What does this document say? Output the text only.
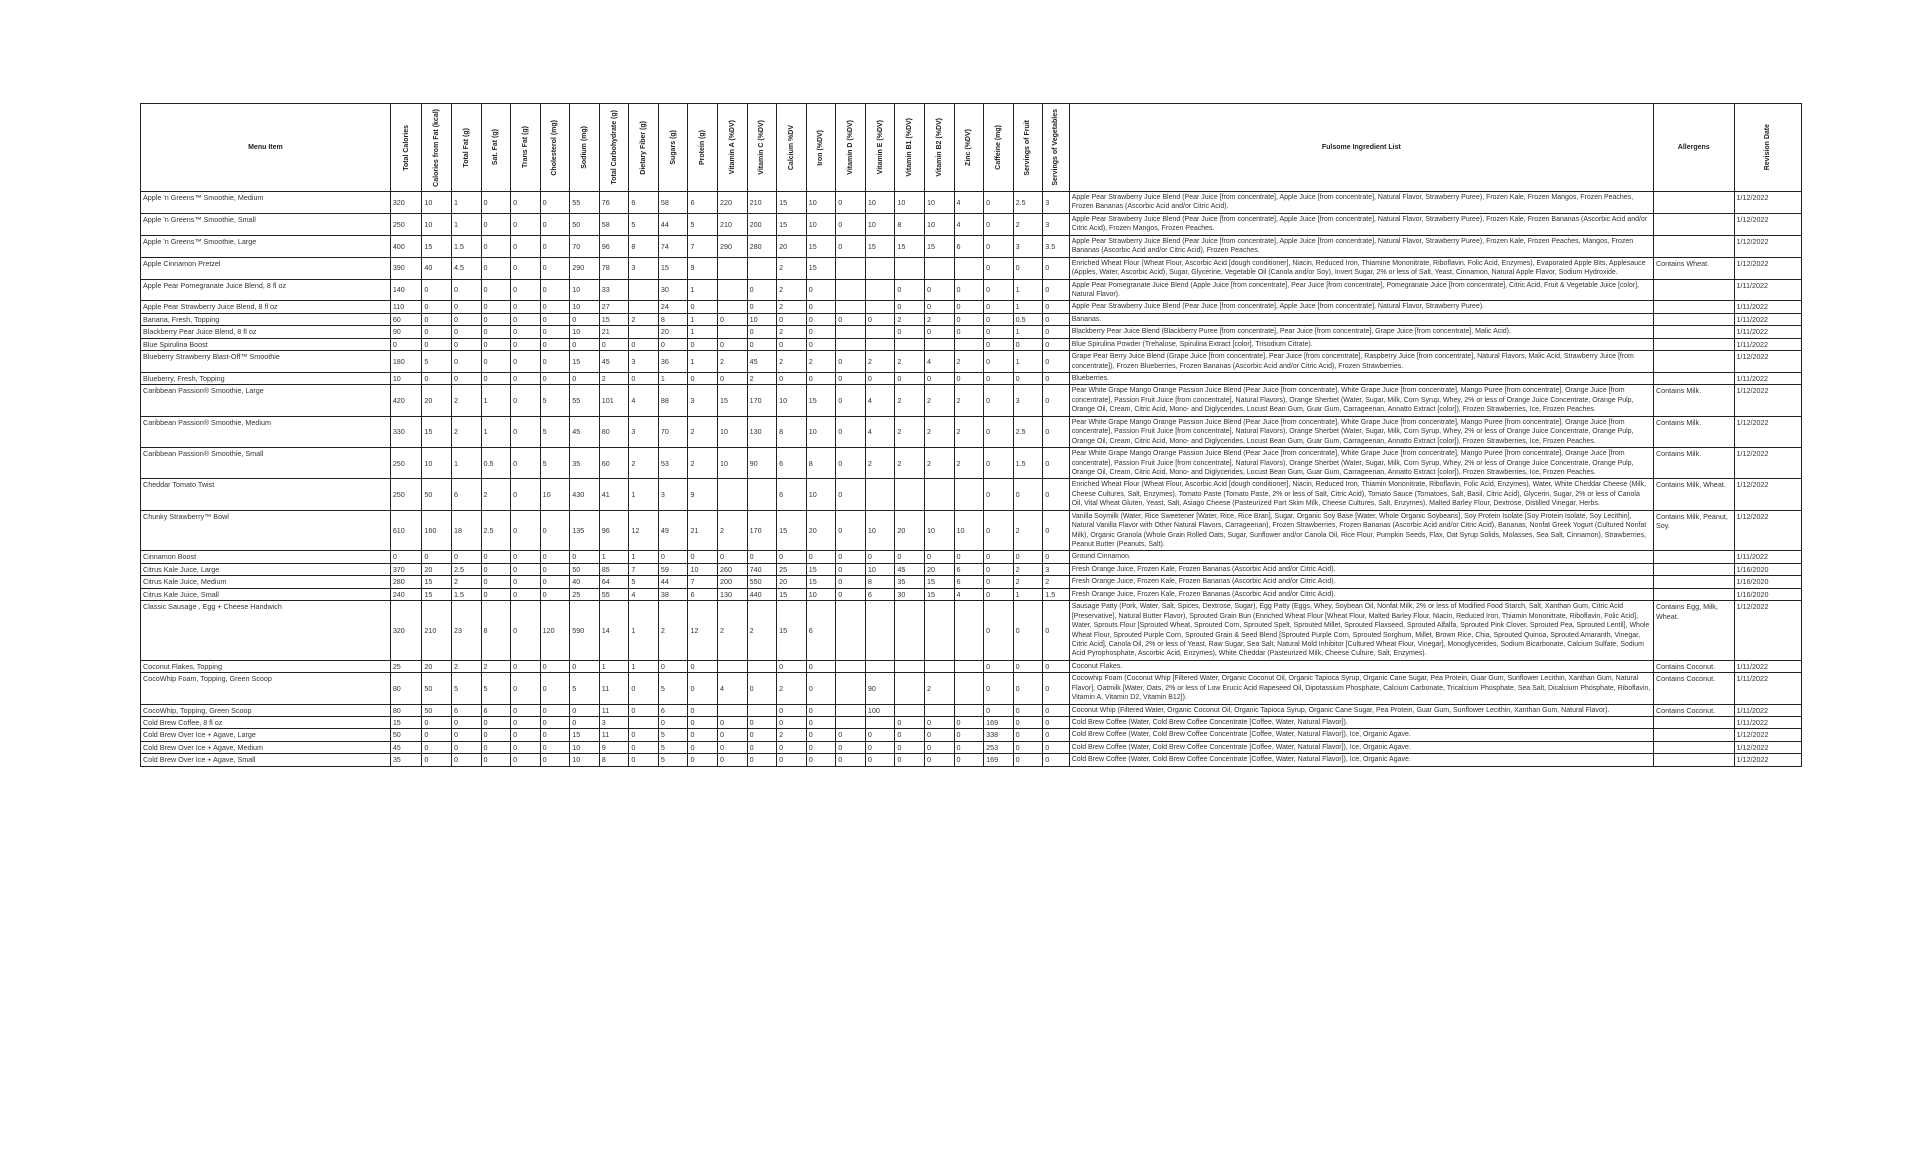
Menu Item	Total Calories	Calories from Fat (kcal)	Total Fat (g)	Sat. Fat (g)	Trans Fat (g)	Cholesterol (mg)	Sodium (mg)	Total Carbohydrate (g)	Dietary Fiber (g)	Sugars (g)	Protein (g)	Vitamin A (%DV)	Vitamin C (%DV)	Calcium %DV	Iron (%DV)	Vitamin D (%DV)	Vitamin E (%DV)	Vitamin B1 (%DV)	Vitamin B2 (%DV)	Zinc (%DV)	Caffeine (mg)	Servings of Fruit	Servings of Vegetables	Fulsome Ingredient List	Allergens	Revision Date

Apple 'n Greens™ Smoothie, Medium	320	10	1	0	0	0	55	76	6	58	6	220	210	15	10	0	10	10	10	4	0	2.5	3	Apple Pear Strawberry Juice Blend (Pear Juice [from concentrate], Apple Juice [from concentrate], Natural Flavor, Strawberry Puree), Frozen Kale, Frozen Mangos, Frozen Peaches, Frozen Bananas (Ascorbic Acid and/or Citric Acid).		1/12/2022
Apple 'n Greens™ Smoothie, Small	250	10	1	0	0	0	50	58	5	44	5	210	200	15	10	0	10	8	10	4	0	2	3	Apple Pear Strawberry Juice Blend (Pear Juice [from concentrate], Apple Juice [from concentrate], Natural Flavor, Strawberry Puree), Frozen Kale, Frozen Bananas (Ascorbic Acid and/or Citric Acid), Frozen Mangos, Frozen Peaches.		1/12/2022
Apple 'n Greens™ Smoothie, Large	400	15	1.5	0	0	0	70	96	8	74	7	290	280	20	15	0	15	15	15	6	0	3	3.5	Apple Pear Strawberry Juice Blend (Pear Juice [from concentrate], Apple Juice [from concentrate], Natural Flavor, Strawberry Puree), Frozen Kale, Frozen Peaches, Mangos, Frozen Bananas (Ascorbic Acid and/or Citric Acid), Frozen Peaches.		1/12/2022
Apple Cinnamon Pretzel	390	40	4.5	0	0	0	290	78	3	15	9			2	15						0	0	0	Enriched Wheat Flour (Wheat Flour, Ascorbic Acid [dough conditioner], Niacin, Reduced Iron, Thiamine Mononitrate, Riboflavin, Folic Acid, Enzymes), Evaporated Apple Bits, Applesauce (Apples, Water, Ascorbic Acid), Sugar, Glycerine, Vegetable Oil (Canola and/or Soy), Invert Sugar, 2% or less of Salt, Yeast, Cinnamon, Natural Apple Flavor, Sodium Hydroxide.	Contains Wheat.	1/12/2022
Apple Pear Pomegranate Juice Blend, 8 fl oz	140	0	0	0	0	0	10	33		30	1		0	2	0			0	0	0	0	1	0	Apple Pear Pomegranate Juice Blend (Apple Juice [from concentrate], Pear Juice [from concentrate], Pomegranate Juice [from concentrate], Citric Acid, Fruit & Vegetable Juice [color], Natural Flavor).		1/11/2022
Apple Pear Strawberry Juice Blend, 8 fl oz	110	0	0	0	0	0	10	27		24	0		0	2	0			0	0	0	0	1	0	Apple Pear Strawberry Juice Blend (Pear Juice [from concentrate], Apple Juice [from concentrate], Natural Flavor, Strawberry Puree).		1/11/2022
Banana, Fresh, Topping	60	0	0	0	0	0	0	15	2	8	1	0	10	0	0	0	0	2	2	0	0	0.5	0	Bananas.		1/11/2022
Blackberry Pear Juice Blend, 8 fl oz	90	0	0	0	0	0	10	21		20	1		0	2	0			0	0	0	0	1	0	Blackberry Pear Juice Blend (Blackberry Puree [from concentrate], Pear Juice [from concentrate], Grape Juice [from concentrate], Malic Acid).		1/11/2022
Blue Spirulina Boost	0	0	0	0	0	0	0	0	0	0	0	0	0	0	0						0	0	0	Blue Spirulina Powder (Trehalose, Spirulina Extract [color], Trisodium Citrate).		1/11/2022
Blueberry Strawberry Blast-Off™ Smoothie	180	5	0	0	0	0	15	45	3	36	1	2	45	2	2	0	2	2	4	2	0	1	0	Grape Pear Berry Juice Blend (Grape Juice [from concentrate], Pear Juice [from concentrate], Raspberry Juice [from concentrate], Natural Flavors, Malic Acid, Strawberry Juice [from concentrate]), Frozen Blueberries, Frozen Bananas (Ascorbic Acid and/or Citric Acid), Frozen Strawberries.		1/12/2022
Blueberry, Fresh, Topping	10	0	0	0	0	0	0	2	0	1	0	0	2	0	0	0	0	0	0	0	0	0	0	Blueberries.		1/11/2022
Caribbean Passion® Smoothie, Large	420	20	2	1	0	5	55	101	4	88	3	15	170	10	15	0	4	2	2	2	0	3	0	Pear White Grape Mango Orange Passion Juice Blend (Pear Juice [from concentrate], White Grape Juice [from concentrate], Mango Puree [from concentrate], Orange Juice [from concentrate], Passion Fruit Juice [from concentrate], Natural Flavors), Orange Sherbet (Water, Sugar, Milk, Corn Syrup, Whey, 2% or less of Orange Juice Concentrate, Orange Pulp, Orange Oil, Cream, Citric Acid, Mono- and Diglycerides, Locust Bean Gum, Guar Gum, Carrageenan, Annatto Extract [color]), Frozen Strawberries, Ice, Frozen Peaches.	Contains Milk.	1/12/2022
Caribbean Passion® Smoothie, Medium	330	15	2	1	0	5	45	80	3	70	2	10	130	8	10	0	4	2	2	2	0	2.5	0	Pear White Grape Mango Orange Passion Juice Blend (Pear Juice [from concentrate], White Grape Juice [from concentrate], Mango Puree [from concentrate], Orange Juice [from concentrate], Passion Fruit Juice [from concentrate], Natural Flavors), Orange Sherbet (Water, Sugar, Milk, Corn Syrup, Whey, 2% or less of Orange Juice Concentrate, Orange Pulp, Orange Oil, Cream, Citric Acid, Mono- and Diglycerides, Locust Bean Gum, Guar Gum, Carrageenan, Annatto Extract [color]), Frozen Strawberries, Ice, Frozen Peaches.	Contains Milk.	1/12/2022
Caribbean Passion® Smoothie, Small	250	10	1	0.5	0	5	35	60	2	53	2	10	90	6	8	0	2	2	2	2	0	1.5	0	Pear White Grape Mango Orange Passion Juice Blend (Pear Juice [from concentrate], White Grape Juice [from concentrate], Mango Puree [from concentrate], Orange Juice [from concentrate], Passion Fruit Juice [from concentrate], Natural Flavors), Orange Sherbet (Water, Sugar, Milk, Corn Syrup, Whey, 2% or less of Orange Juice Concentrate, Orange Pulp, Orange Oil, Cream, Citric Acid, Mono- and Diglycerides, Locust Bean Gum, Guar Gum, Carrageenan, Annatto Extract [color]), Frozen Strawberries, Ice, Frozen Peaches.	Contains Milk.	1/12/2022
Cheddar Tomato Twist	250	50	6	2	0	10	430	41	1	3	9			6	10	0					0	0	0	Enriched Wheat Flour (Wheat Flour, Ascorbic Acid [dough conditioner], Niacin, Reduced Iron, Thiamin Mononitrate, Riboflavin, Folic Acid, Enzymes), Water, White Cheddar Cheese (Milk, Cheese Cultures, Salt, Enzymes), Tomato Paste (Tomato Paste, 2% or less of Salt, Citric Acid), Tomato Sauce (Tomatoes, Salt, Basil, Citric Acid), Glycerin, Sugar, 2% or less of Canola Oil, Vital Wheat Gluten, Yeast, Salt, Asiago Cheese (Pasteurized Part Skim Milk, Cheese Cultures, Salt, Enzymes), Malted Barley Flour, Dextrose, Distilled Vinegar, Herbs.	Contains Milk, Wheat.	1/12/2022
Chunky Strawberry™ Bowl	610	160	18	2.5	0	0	135	96	12	49	21	2	170	15	20	0	10	20	10	10	0	2	0	Vanilla Soymilk (Water, Rice Sweetener [Water, Rice, Rice Bran], Sugar, Organic Soy Base [Water, Whole Organic Soybeans], Soy Protein Isolate [Soy Protein Isolate, Soy Lecithin], Natural Vanilla Flavor with Other Natural Flavors, Carrageenan), Frozen Strawberries, Frozen Bananas (Ascorbic Acid and/or Citric Acid), Bananas, Nonfat Greek Yogurt (Cultured Nonfat Milk), Organic Granola (Whole Grain Rolled Oats, Sugar, Sunflower and/or Canola Oil, Rice Flour, Pumpkin Seeds, Flax, Oat Syrup Solids, Molasses, Sea Salt, Cinnamon), Strawberries, Peanut Butter (Peanuts, Salt).	Contains Milk, Peanut, Soy.	1/12/2022
Cinnamon Boost	0	0	0	0	0	0	0	1	1	0	0	0	0	0	0	0	0	0	0	0	0	0	0	Ground Cinnamon.		1/11/2022
Citrus Kale Juice, Large	370	20	2.5	0	0	0	50	85	7	59	10	260	740	25	15	0	10	45	20	6	0	2	3	Fresh Orange Juice, Frozen Kale, Frozen Bananas (Ascorbic Acid and/or Citric Acid).		1/16/2020
Citrus Kale Juice, Medium	280	15	2	0	0	0	40	64	5	44	7	200	550	20	15	0	8	35	15	6	0	2	2	Fresh Orange Juice, Frozen Kale, Frozen Bananas (Ascorbic Acid and/or Citric Acid).		1/16/2020
Citrus Kale Juice, Small	240	15	1.5	0	0	0	25	55	4	38	6	130	440	15	10	0	6	30	15	4	0	1	1.5	Fresh Orange Juice, Frozen Kale, Frozen Bananas (Ascorbic Acid and/or Citric Acid).		1/16/2020
Classic Sausage , Egg + Cheese Handwich	320	210	23	8	0	120	590	14	1	2	12	2	2	15	6						0	0	0	Sausage Patty (Pork, Water, Salt, Spices, Dextrose, Sugar), Egg Patty (Eggs, Whey, Soybean Oil, Nonfat Milk, 2% or less of Modified Food Starch, Salt, Xanthan Gum, Citric Acid [Preservative], Natural Butter Flavor), Sprouted Grain Bun (Enriched Wheat Flour [Wheat Flour, Malted Barley Flour, Niacin, Reduced Iron, Thiamin Mononitrate, Riboflavin, Folic Acid], Water, Sprouts Flour [Sprouted Wheat, Sprouted Corn, Sprouted Spelt, Sprouted Millet, Sprouted Flaxseed, Sprouted Alfalfa, Sprouted Pink Clover, Sprouted Pea, Sprouted Lentil], Whole Wheat Flour, Sprouted Purple Corn, Sprouted Grain & Seed Blend [Sprouted Purple Corn, Sprouted Sorghum, Millet, Brown Rice, Chia, Sprouted Quinoa, Sprouted Amaranth, Vinegar, Citric Acid], Canola Oil, 2% or less of Yeast, Raw Sugar, Sea Salt, Natural Mold Inhibitor [Cultured Wheat Flour, Vinegar], Monoglycerides, Sodium Bicarbonate, Calcium Sulfate, Sodium Acid Pyrophosphate, Ascorbic Acid, Enzymes), White Cheddar (Pasteurized Milk, Cheese Culture, Salt, Enzymes).	Contains Egg, Milk, Wheat.	1/12/2022
Coconut Flakes, Topping	25	20	2	2	0	0	0	1	1	0	0			0	0						0	0	0	Coconut Flakes.	Contains Coconut.	1/11/2022
CocoWhip Foam, Topping, Green Scoop	80	50	5	5	0	0	5	11	0	5	0	4	0	2	0		90		2		0	0	0	Cocowhip Foam (Coconut Whip [Filtered Water, Organic Coconut Oil, Organic Tapioca Syrup, Organic Cane Sugar, Pea Protein, Guar Gum, Sunflower Lecithin, Xanthan Gum, Natural Flavor], Oatmilk [Water, Oats, 2% or less of Low Erucic Acid Rapeseed Oil, Dipotassium Phosphate, Calcium Carbonate, Tricalcium Phosphate, Sea Salt, Dicalcium Phosphate, Riboflavin, Vitamin A, Vitamin D2, Vitamin B12]).	Contains Coconut.	1/11/2022
CocoWhip, Topping, Green Scoop	80	50	6	6	0	0	0	11	0	6	0			0	0		100				0	0	0	Coconut Whip (Filtered Water, Organic Coconut Oil, Organic Tapioca Syrup, Organic Cane Sugar, Pea Protein, Guar Gum, Sunflower Lecithin, Xanthan Gum, Natural Flavor).	Contains Coconut.	1/11/2022
Cold Brew Coffee, 8 fl oz	15	0	0	0	0	0	0	3		0	0	0	0	0	0			0	0	0	169	0	0	Cold Brew Coffee (Water, Cold Brew Coffee Concentrate [Coffee, Water, Natural Flavor]).		1/11/2022
Cold Brew Over Ice + Agave, Large	50	0	0	0	0	0	15	11	0	5	0	0	0	2	0	0	0	0	0	0	338	0	0	Cold Brew Coffee (Water, Cold Brew Coffee Concentrate [Coffee, Water, Natural Flavor]), Ice, Organic Agave.		1/12/2022
Cold Brew Over Ice + Agave, Medium	45	0	0	0	0	0	10	9	0	5	0	0	0	0	0	0	0	0	0	0	253	0	0	Cold Brew Coffee (Water, Cold Brew Coffee Concentrate [Coffee, Water, Natural Flavor]), Ice, Organic Agave.		1/12/2022
Cold Brew Over Ice + Agave, Small	35	0	0	0	0	0	10	8	0	5	0	0	0	0	0	0	0	0	0	0	169	0	0	Cold Brew Coffee (Water, Cold Brew Coffee Concentrate [Coffee, Water, Natural Flavor]), Ice, Organic Agave.		1/12/2022
